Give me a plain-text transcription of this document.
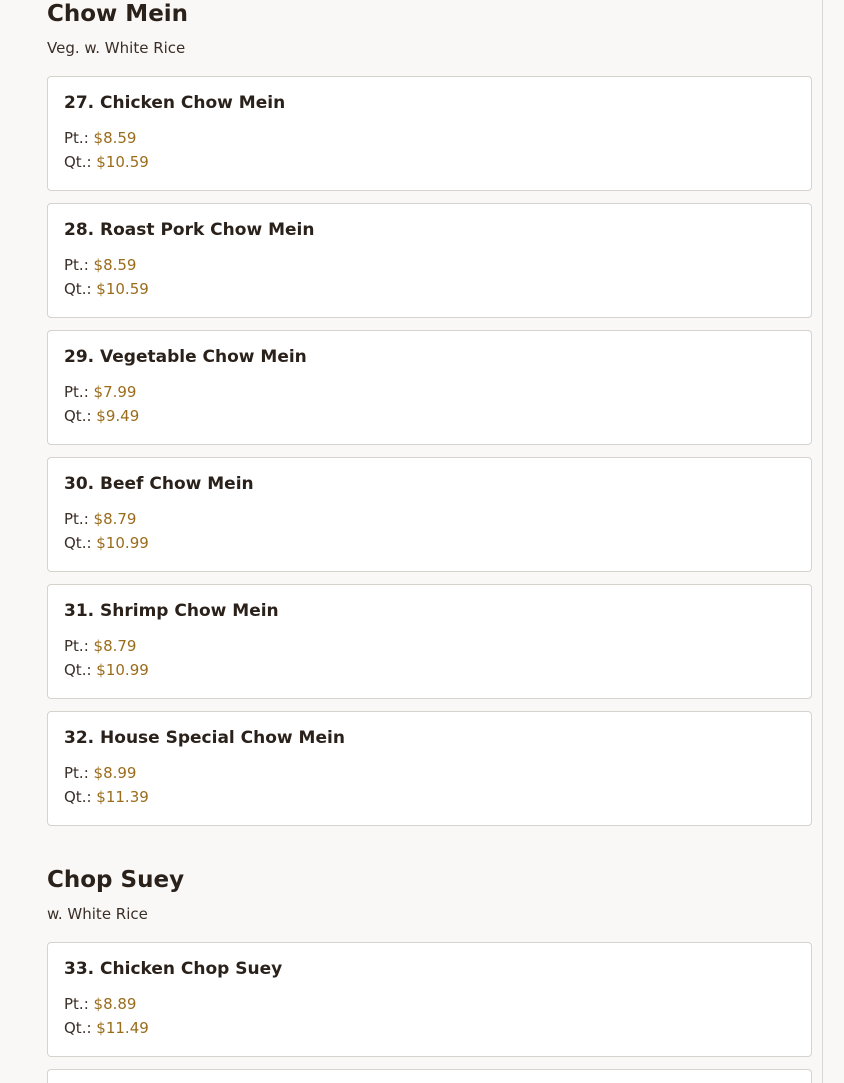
Chow Mein

Veg. w. White Rice

27. Chicken Chow Mein
Pt.: $8.59
Qt.: $10.59
28. Roast Pork Chow Mein
Pt.: $8.59
Qt.: $10.59
29. Vegetable Chow Mein
Pt.: $7.99
Qt.: $9.49
30. Beef Chow Mein
Pt.: $8.79
Qt.: $10.99
31. Shrimp Chow Mein
Pt.: $8.79
Qt.: $10.99
32. House Special Chow Mein
Pt.: $8.99
Qt.: $11.39
Chop Suey

w. White Rice

33. Chicken Chop Suey
Pt.: $8.89
Qt.: $11.49
